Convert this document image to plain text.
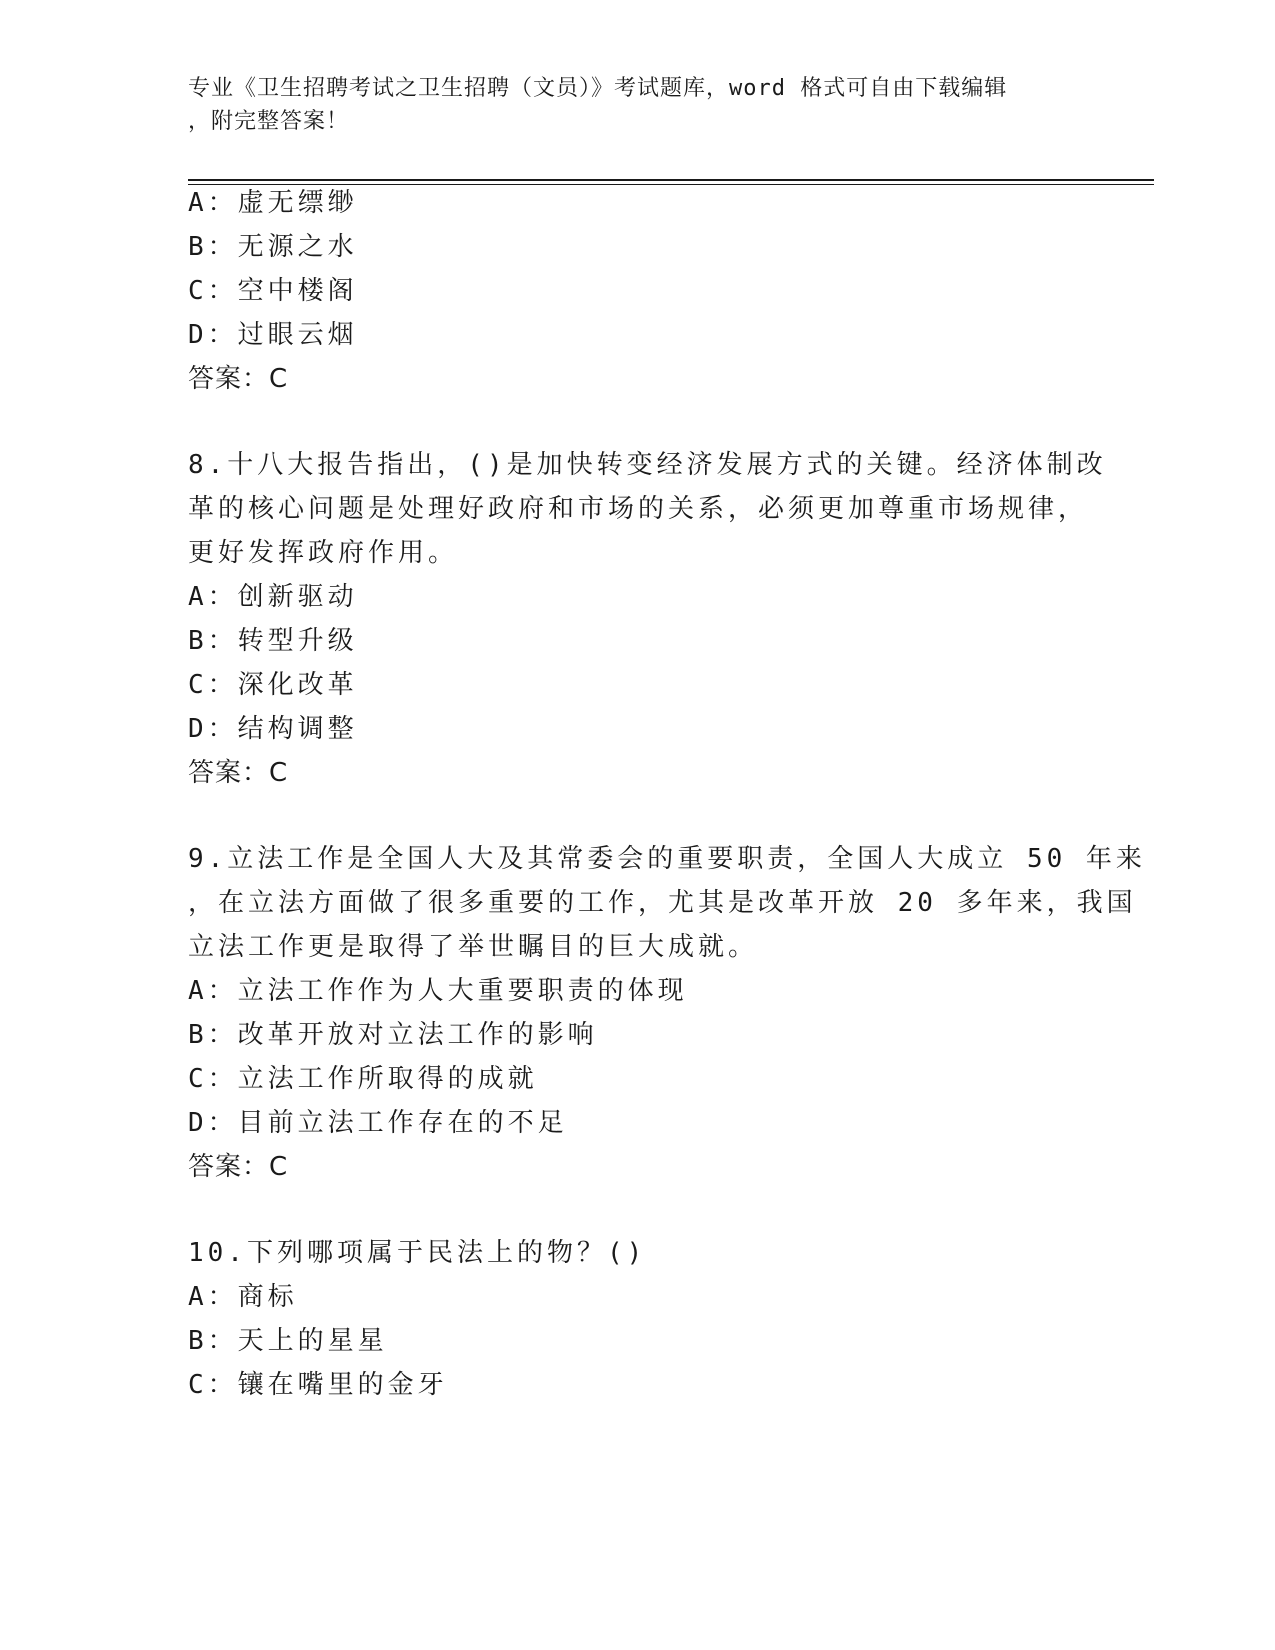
专业《卫生招聘考试之卫生招聘（文员）》考试题库，word 格式可自由下载编辑
，附完整答案！
A：虚无缥缈
B：无源之水
C：空中楼阁
D：过眼云烟
答案：C
8.十八大报告指出，()是加快转变经济发展方式的关键。经济体制改
革的核心问题是处理好政府和市场的关系，必须更加尊重市场规律，
更好发挥政府作用。
A：创新驱动
B：转型升级
C：深化改革
D：结构调整
答案：C
9.立法工作是全国人大及其常委会的重要职责，全国人大成立 50 年来
，在立法方面做了很多重要的工作，尤其是改革开放 20 多年来，我国
立法工作更是取得了举世瞩目的巨大成就。
A：立法工作作为人大重要职责的体现
B：改革开放对立法工作的影响
C：立法工作所取得的成就
D：目前立法工作存在的不足
答案：C
10.下列哪项属于民法上的物？()
A：商标
B：天上的星星
C：镶在嘴里的金牙
